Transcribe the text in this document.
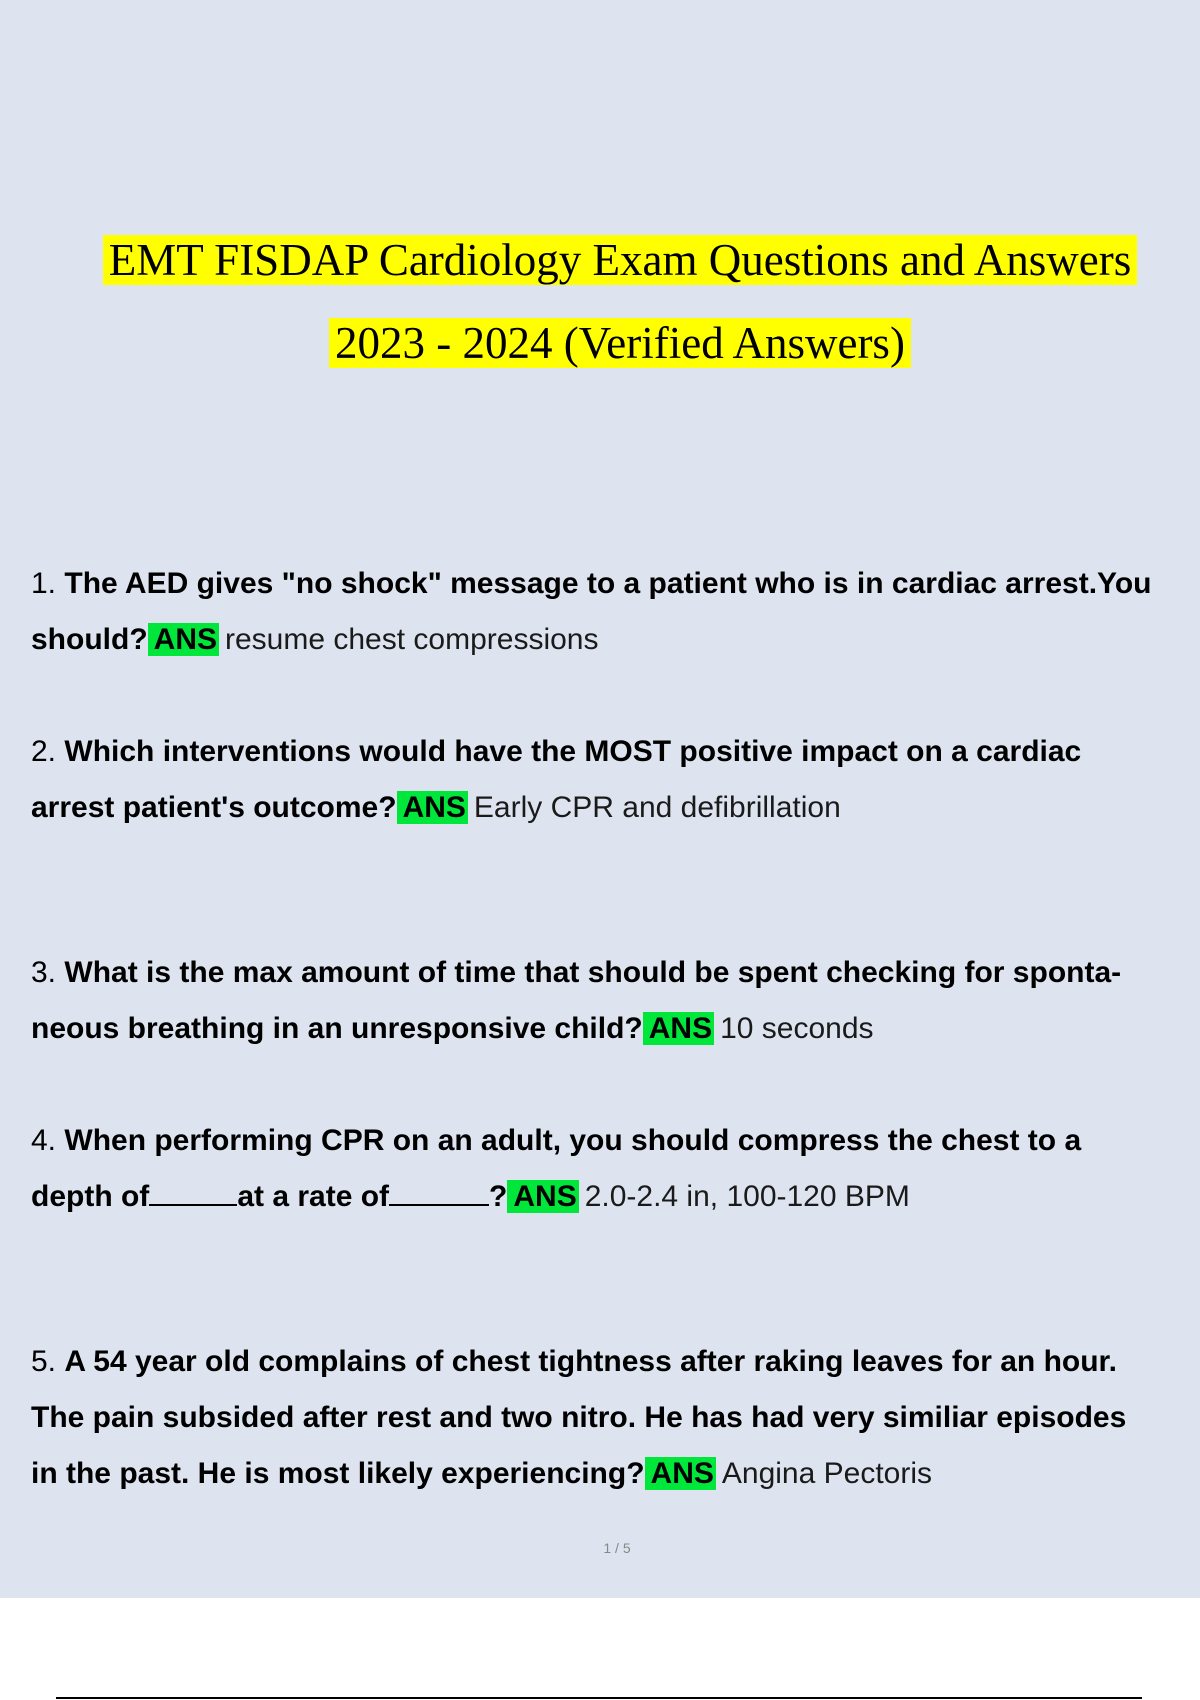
EMT FISDAP Cardiology Exam Questions and Answers
2023 - 2024 (Verified Answers)
1. The AED gives "no shock" message to a patient who is in cardiac arrest.You
should? ANS resume chest compressions
2. Which interventions would have the MOST positive impact on a cardiac
arrest patient's outcome? ANS Early CPR and defibrillation
3. What is the max amount of time that should be spent checking for sponta-
neous breathing in an unresponsive child? ANS 10 seconds
4. When performing CPR on an adult, you should compress the chest to a
depth of	at a rate of	? ANS 2.0-2.4 in, 100-120 BPM
5. A 54 year old complains of chest tightness after raking leaves for an hour.
The pain subsided after rest and two nitro. He has had very similiar episodes
in the past. He is most likely experiencing? ANS Angina Pectoris
1 / 5
